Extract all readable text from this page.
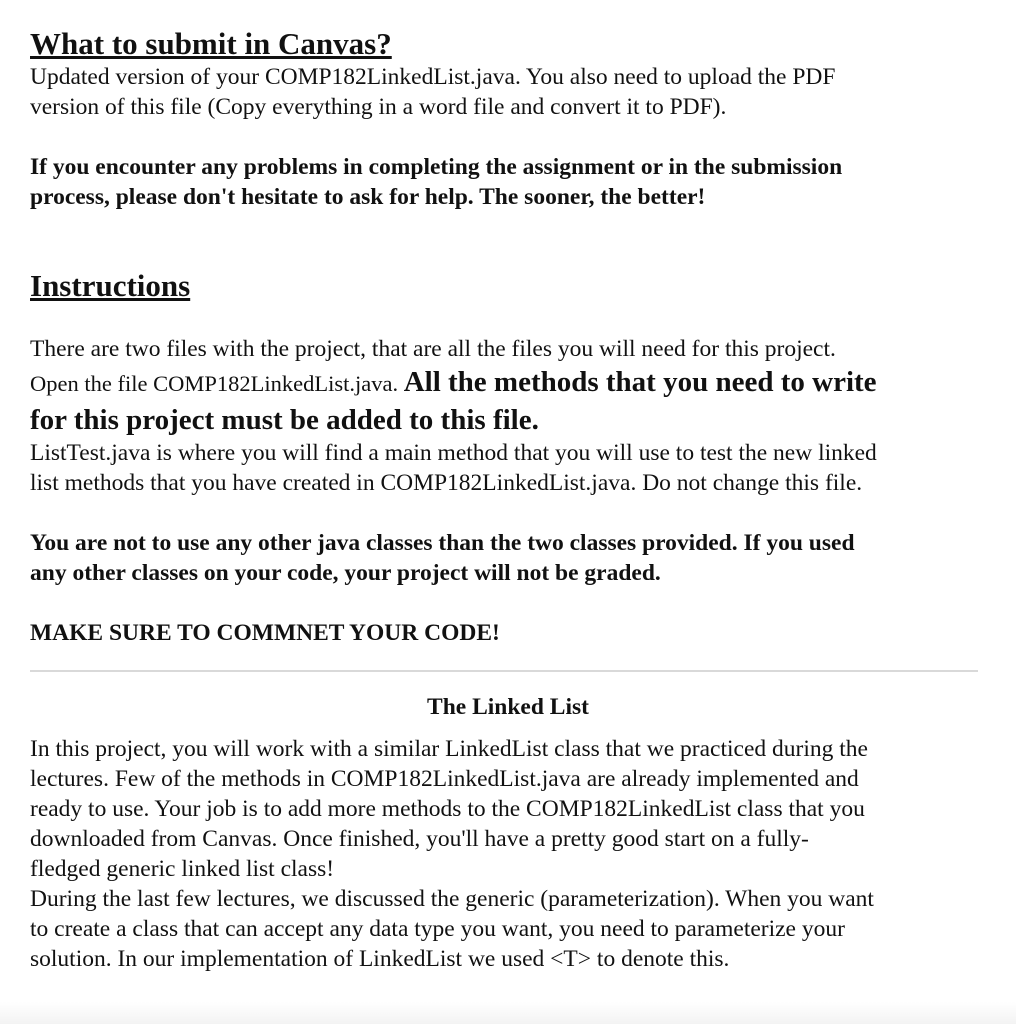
What to submit in Canvas?

Updated version of your COMP182LinkedList.java. You also need to upload the PDF

version of this file (Copy everything in a word file and convert it to PDF).

If you encounter any problems in completing the assignment or in the submission

process, please don't hesitate to ask for help. The sooner, the better!

Instructions

There are two files with the project, that are all the files you will need for this project.

Open the file COMP182LinkedList.java. All the methods that you need to write

for this project must be added to this file.

ListTest.java is where you will find a main method that you will use to test the new linked

list methods that you have created in COMP182LinkedList.java. Do not change this file.

You are not to use any other java classes than the two classes provided. If you used

any other classes on your code, your project will not be graded.

MAKE SURE TO COMMNET YOUR CODE!

The Linked List

In this project, you will work with a similar LinkedList class that we practiced during the

lectures. Few of the methods in COMP182LinkedList.java are already implemented and

ready to use. Your job is to add more methods to the COMP182LinkedList class that you

downloaded from Canvas. Once finished, you'll have a pretty good start on a fully-

fledged generic linked list class!

During the last few lectures, we discussed the generic (parameterization). When you want

to create a class that can accept any data type you want, you need to parameterize your

solution. In our implementation of LinkedList we used <T> to denote this.
